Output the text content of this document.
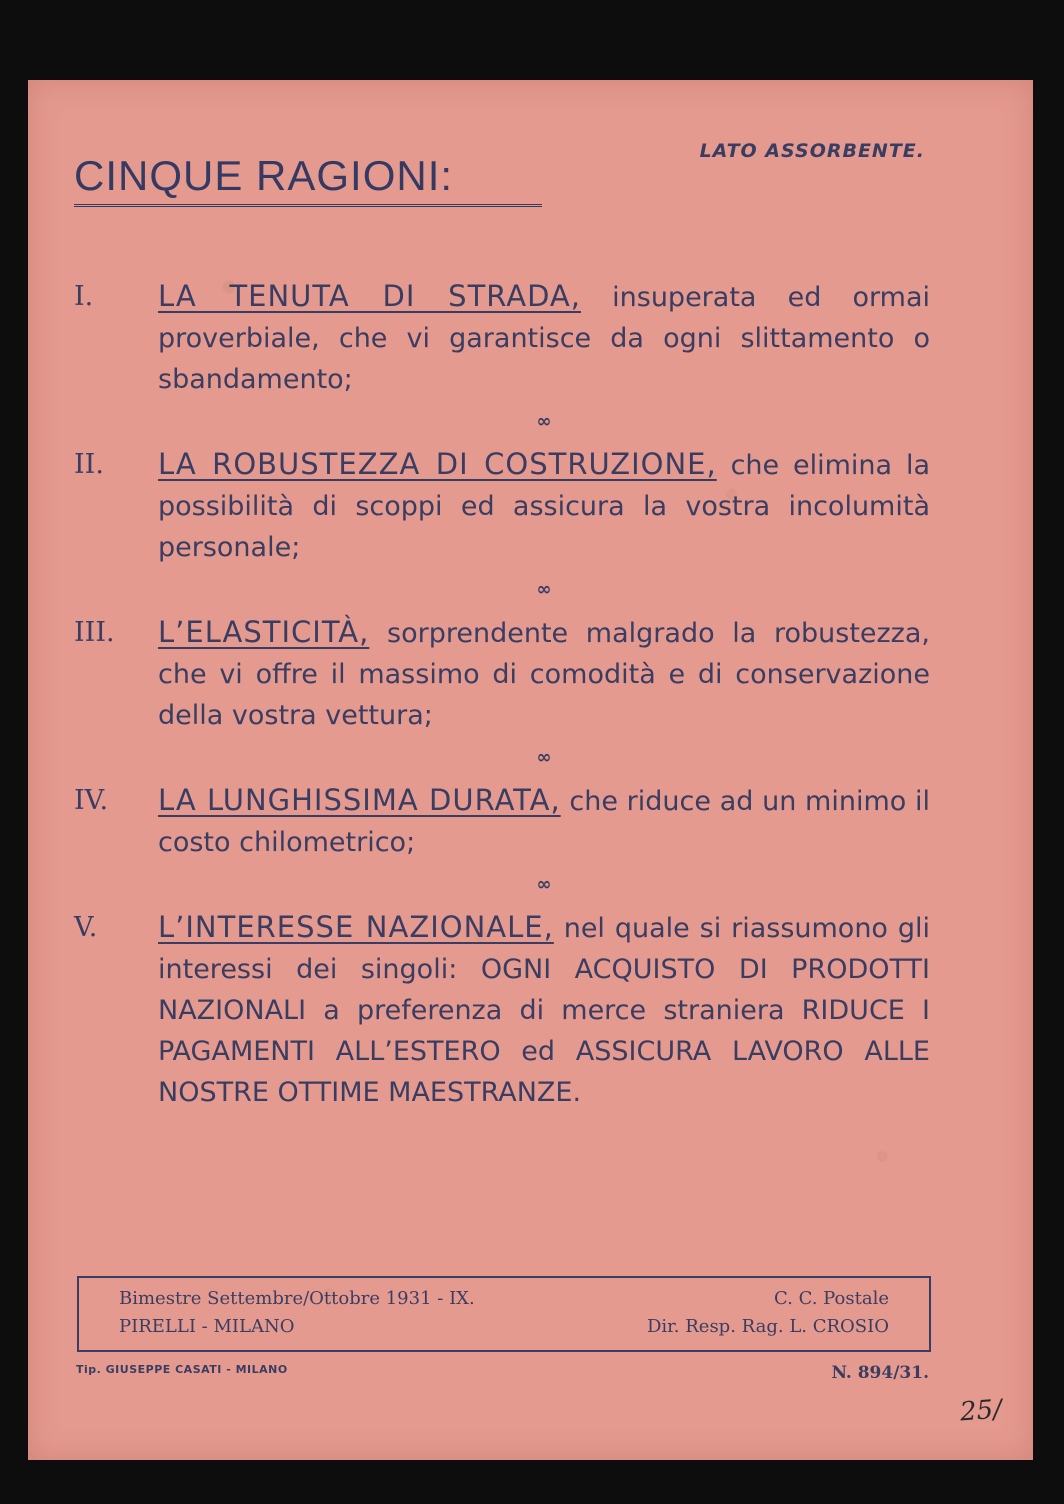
LATO ASSORBENTE.
CINQUE RAGIONI:
I.	LA TENUTA DI STRADA, insuperata ed ormai proverbiale, che vi garantisce da ogni slittamento o sbandamento;
∞
II.	LA ROBUSTEZZA DI COSTRUZIONE, che elimina la possibilità di scoppi ed assicura la vostra incolumità personale;
∞
III.	L’ELASTICITÀ, sorprendente malgrado la robustezza, che vi offre il massimo di comodità e di conservazione della vostra vettura;
∞
IV.	LA LUNGHISSIMA DURATA, che riduce ad un minimo il costo chilometrico;
∞
V.	L’INTERESSE NAZIONALE, nel quale si riassumono gli interessi dei singoli: OGNI ACQUISTO DI PRODOTTI NAZIONALI a preferenza di merce straniera RIDUCE I PAGAMENTI ALL’ESTERO ed ASSICURA LAVORO ALLE NOSTRE OTTIME MAESTRANZE.
Bimestre Settembre/Ottobre 1931 - IX.	C. C. Postale
PIRELLI - MILANO	Dir. Resp. Rag. L. CROSIO
Tip. GIUSEPPE CASATI - MILANO	N. 894/31.
25/
